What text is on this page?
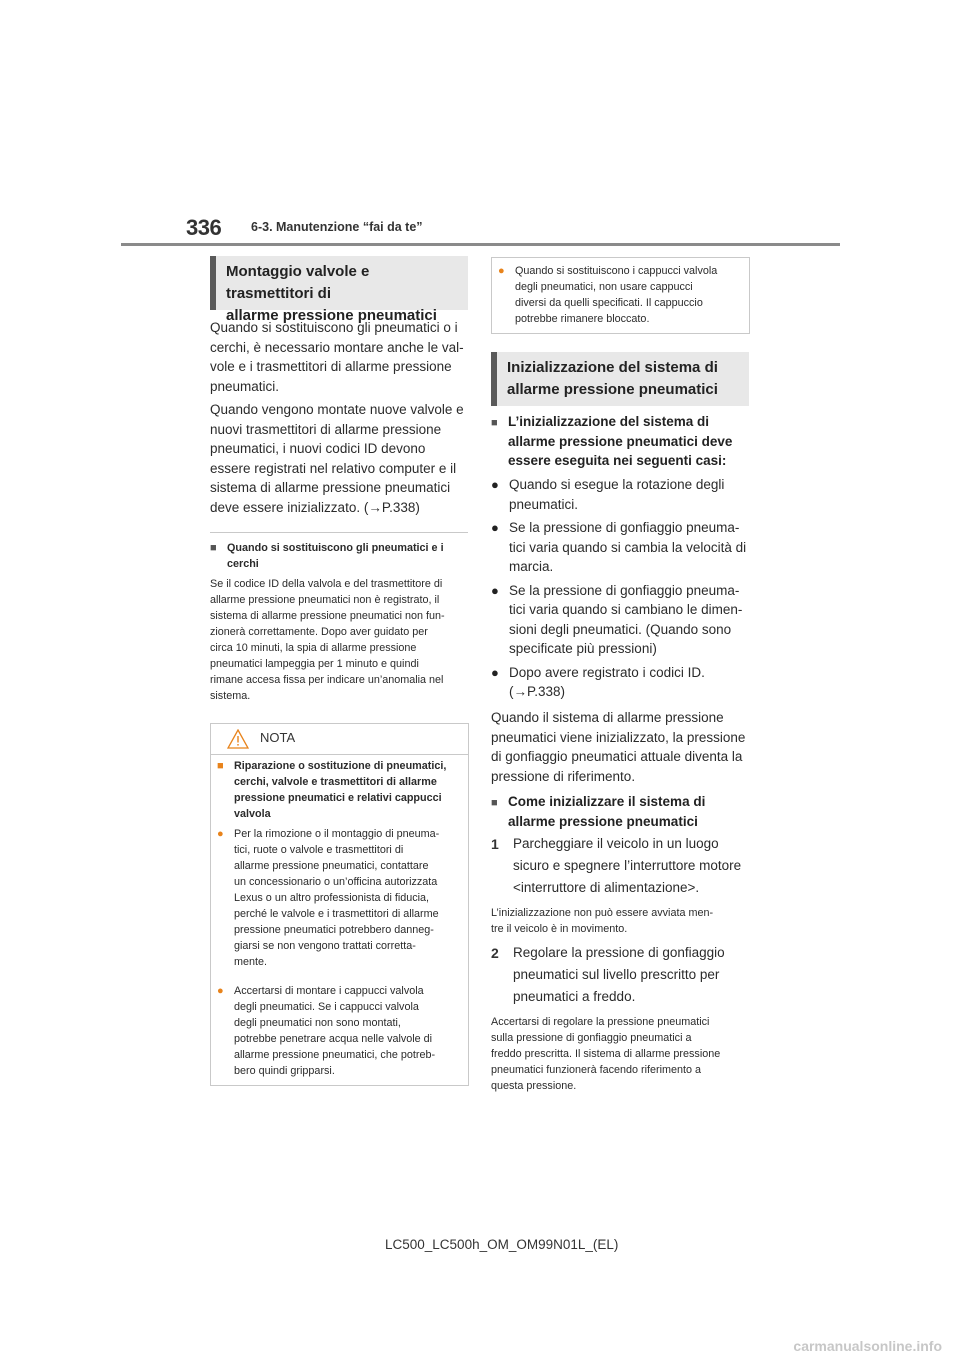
336 6-3. Manutenzione “fai da te”
Montaggio valvole e trasmettitori di
allarme pressione pneumatici
Quando si sostituiscono gli pneumatici o i
cerchi, è necessario montare anche le val-
vole e i trasmettitori di allarme pressione
pneumatici.
Quando vengono montate nuove valvole e
nuovi trasmettitori di allarme pressione
pneumatici, i nuovi codici ID devono
essere registrati nel relativo computer e il
sistema di allarme pressione pneumatici
deve essere inizializzato. (→P.338)
■ Quando si sostituiscono gli pneumatici e i
cerchi
Se il codice ID della valvola e del trasmettitore di
allarme pressione pneumatici non è registrato, il
sistema di allarme pressione pneumatici non fun-
zionerà correttamente. Dopo aver guidato per
circa 10 minuti, la spia di allarme pressione
pneumatici lampeggia per 1 minuto e quindi
rimane accesa fissa per indicare un’anomalia nel
sistema.
NOTA
■ Riparazione o sostituzione di pneumatici,
cerchi, valvole e trasmettitori di allarme
pressione pneumatici e relativi cappucci
valvola
● Per la rimozione o il montaggio di pneuma-
tici, ruote o valvole e trasmettitori di
allarme pressione pneumatici, contattare
un concessionario o un’officina autorizzata
Lexus o un altro professionista di fiducia,
perché le valvole e i trasmettitori di allarme
pressione pneumatici potrebbero danneg-
giarsi se non vengono trattati corretta-
mente.
● Accertarsi di montare i cappucci valvola
degli pneumatici. Se i cappucci valvola
degli pneumatici non sono montati,
potrebbe penetrare acqua nelle valvole di
allarme pressione pneumatici, che potreb-
bero quindi gripparsi.
● Quando si sostituiscono i cappucci valvola
degli pneumatici, non usare cappucci
diversi da quelli specificati. Il cappuccio
potrebbe rimanere bloccato.
Inizializzazione del sistema di
allarme pressione pneumatici
■ L’inizializzazione del sistema di
allarme pressione pneumatici deve
essere eseguita nei seguenti casi:
● Quando si esegue la rotazione degli
pneumatici.
● Se la pressione di gonfiaggio pneuma-
tici varia quando si cambia la velocità di
marcia.
● Se la pressione di gonfiaggio pneuma-
tici varia quando si cambiano le dimen-
sioni degli pneumatici. (Quando sono
specificate più pressioni)
● Dopo avere registrato i codici ID.
(→P.338)
Quando il sistema di allarme pressione
pneumatici viene inizializzato, la pressione
di gonfiaggio pneumatici attuale diventa la
pressione di riferimento.
■ Come inizializzare il sistema di
allarme pressione pneumatici
1	Parcheggiare il veicolo in un luogo
sicuro e spegnere l’interruttore motore
<interruttore di alimentazione>.
L’inizializzazione non può essere avviata men-
tre il veicolo è in movimento.
2	Regolare la pressione di gonfiaggio
pneumatici sul livello prescritto per
pneumatici a freddo.
Accertarsi di regolare la pressione pneumatici
sulla pressione di gonfiaggio pneumatici a
freddo prescritta. Il sistema di allarme pressione
pneumatici funzionerà facendo riferimento a
questa pressione.
LC500_LC500h_OM_OM99N01L_(EL)
carmanualsonline.info
